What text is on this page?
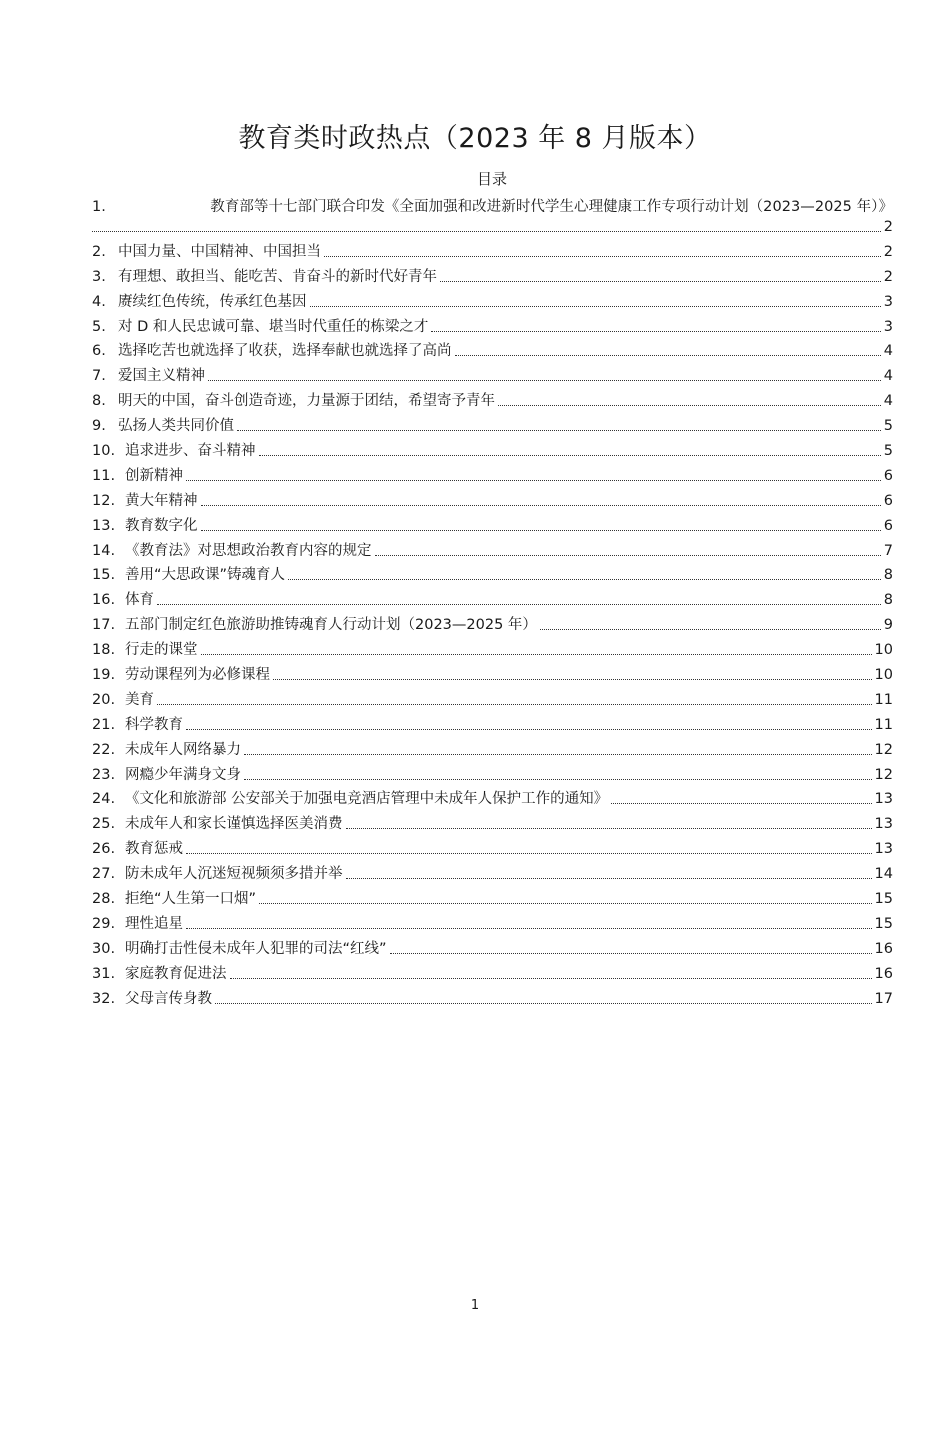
教育类时政热点（2023 年 8 月版本）
目录
1.	教育部等十七部门联合印发《全面加强和改进新时代学生心理健康工作专项行动计划（2023—2025 年）》
2
2. 中国力量、中国精神、中国担当	2
3. 有理想、敢担当、能吃苦、肯奋斗的新时代好青年	2
4. 赓续红色传统，传承红色基因	3
5. 对 D 和人民忠诚可靠、堪当时代重任的栋梁之才	3
6. 选择吃苦也就选择了收获，选择奉献也就选择了高尚	4
7. 爱国主义精神	4
8. 明天的中国，奋斗创造奇迹，力量源于团结，希望寄予青年	4
9. 弘扬人类共同价值	5
10. 追求进步、奋斗精神	5
11. 创新精神	6
12. 黄大年精神	6
13. 教育数字化	6
14. 《教育法》对思想政治教育内容的规定	7
15. 善用“大思政课”铸魂育人	8
16. 体育	8
17. 五部门制定红色旅游助推铸魂育人行动计划（2023—2025 年）	9
18. 行走的课堂	10
19. 劳动课程列为必修课程	10
20. 美育	11
21. 科学教育	11
22. 未成年人网络暴力	12
23. 网瘾少年满身文身	12
24. 《文化和旅游部 公安部关于加强电竞酒店管理中未成年人保护工作的通知》	13
25. 未成年人和家长谨慎选择医美消费	13
26. 教育惩戒	13
27. 防未成年人沉迷短视频须多措并举	14
28. 拒绝“人生第一口烟”	15
29. 理性追星	15
30. 明确打击性侵未成年人犯罪的司法“红线”	16
31. 家庭教育促进法	16
32. 父母言传身教	17
1
